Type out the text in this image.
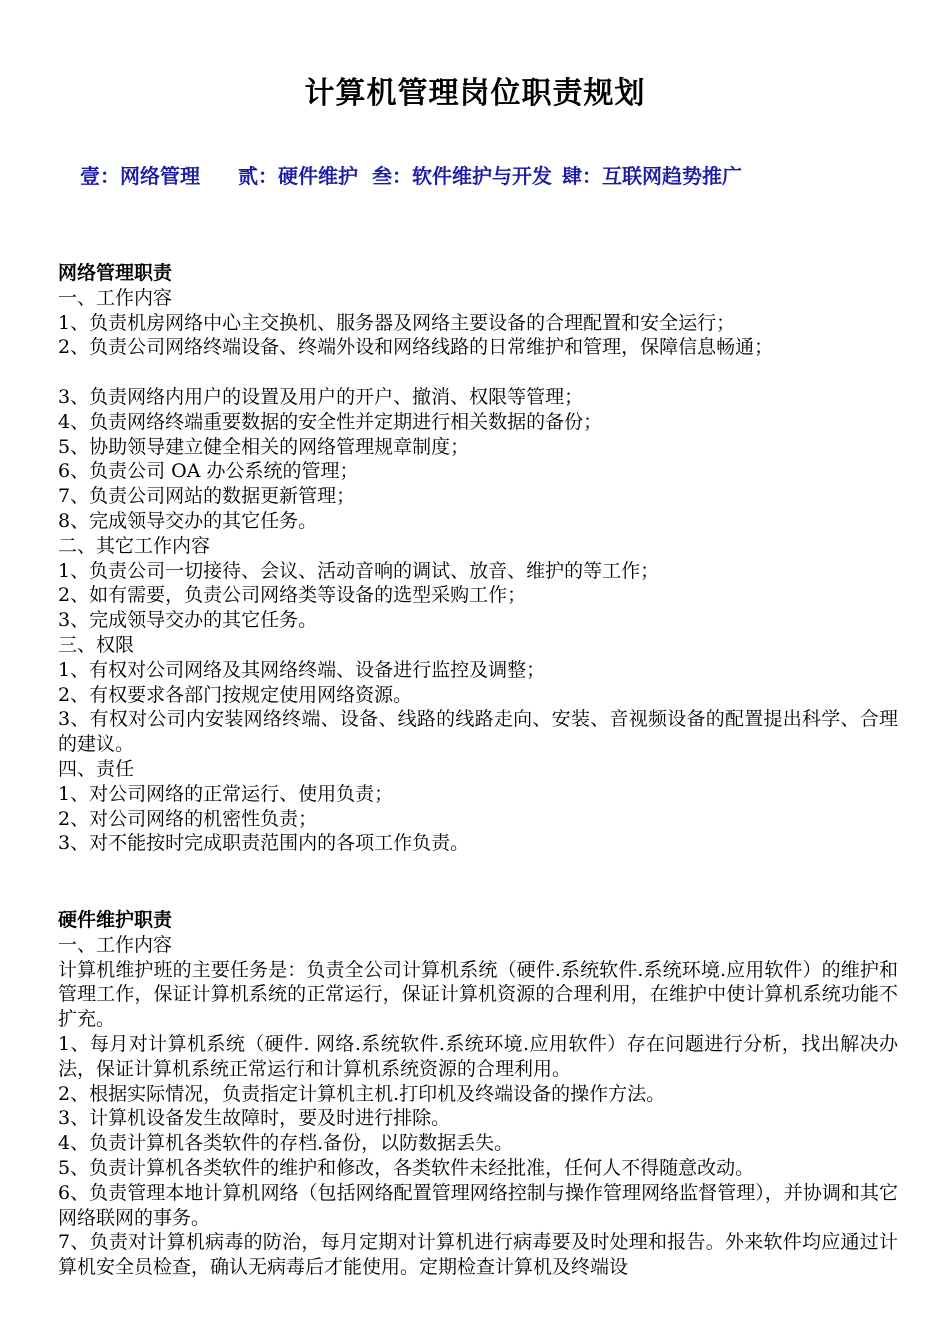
计算机管理岗位职责规划
壹：网络管理 贰：硬件维护 叁：软件维护与开发 肆：互联网趋势推广
网络管理职责
一、工作内容
1、负责机房网络中心主交换机、服务器及网络主要设备的合理配置和安全运行；
2、负责公司网络终端设备、终端外设和网络线路的日常维护和管理，保障信息畅通；
3、负责网络内用户的设置及用户的开户、撤消、权限等管理；
4、负责网络终端重要数据的安全性并定期进行相关数据的备份；
5、协助领导建立健全相关的网络管理规章制度；
6、负责公司 OA 办公系统的管理；
7、负责公司网站的数据更新管理；
8、完成领导交办的其它任务。
二、其它工作内容
1、负责公司一切接待、会议、活动音响的调试、放音、维护的等工作；
2、如有需要，负责公司网络类等设备的选型采购工作；
3、完成领导交办的其它任务。
三、权限
1、有权对公司网络及其网络终端、设备进行监控及调整；
2、有权要求各部门按规定使用网络资源。
3、有权对公司内安装网络终端、设备、线路的线路走向、安装、音视频设备的配置提出科学、合理的建议。
四、责任
1、对公司网络的正常运行、使用负责；
2、对公司网络的机密性负责；
3、对不能按时完成职责范围内的各项工作负责。
硬件维护职责
一、工作内容
计算机维护班的主要任务是：负责全公司计算机系统（硬件.系统软件.系统环境.应用软件）的维护和管理工作，保证计算机系统的正常运行，保证计算机资源的合理利用，在维护中使计算机系统功能不扩充。
1、每月对计算机系统（硬件. 网络.系统软件.系统环境.应用软件）存在问题进行分析，找出解决办法，保证计算机系统正常运行和计算机系统资源的合理利用。
2、根据实际情况，负责指定计算机主机.打印机及终端设备的操作方法。
3、计算机设备发生故障时，要及时进行排除。
4、负责计算机各类软件的存档.备份，以防数据丢失。
5、负责计算机各类软件的维护和修改，各类软件未经批准，任何人不得随意改动。
6、负责管理本地计算机网络（包括网络配置管理网络控制与操作管理网络监督管理），并协调和其它网络联网的事务。
7、负责对计算机病毒的防治，每月定期对计算机进行病毒要及时处理和报告。外来软件均应通过计算机安全员检查，确认无病毒后才能使用。定期检查计算机及终端设
